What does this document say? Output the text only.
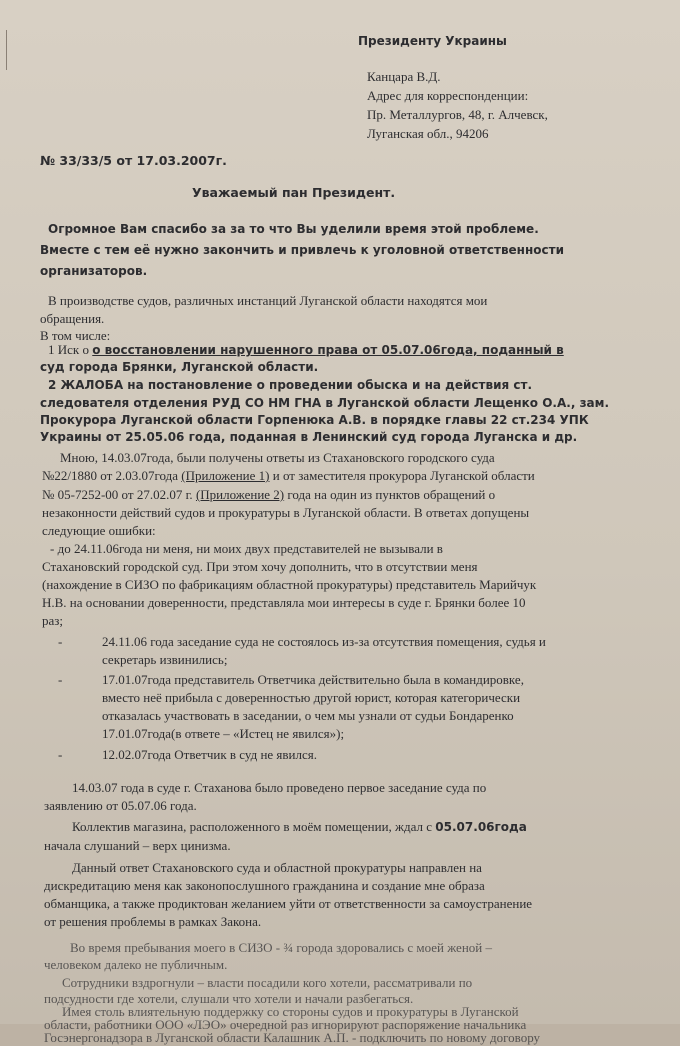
Президенту Украины
Канцара В.Д.
Адрес для корреспонденции:
Пр. Металлургов, 48, г. Алчевск,
Луганская обл., 94206
№ 33/33/5 от 17.03.2007г.
Уважаемый пан Президент.
Огромное Вам спасибо за за то что Вы уделили время этой проблеме.
Вместе с тем её нужно закончить и привлечь к уголовной ответственности
организаторов.
В производстве судов, различных инстанций Луганской области находятся мои
обращения.
В том числе:
1 Иск о о восстановлении нарушенного права от 05.07.06года, поданный в
суд города Брянки, Луганской области.
2 ЖАЛОБА на постановление о проведении обыска и на действия ст.
следователя отделения РУД СО НМ ГНА в Луганской области Лещенко О.А., зам.
Прокурора Луганской области Горпенюка А.В. в порядке главы 22 ст.234 УПК
Украины от 25.05.06 года, поданная в Ленинский суд города Луганска и др.
Мною, 14.03.07года, были получены ответы из Стахановского городского суда
№22/1880 от 2.03.07года (Приложение 1) и от заместителя прокурора Луганской области
№ 05-7252-00 от 27.02.07 г. (Приложение 2) года на один из пунктов обращений о
незаконности действий судов и прокуратуры в Луганской области. В ответах допущены
следующие ошибки:
- до 24.11.06года ни меня, ни моих двух представителей не вызывали в
Стахановский городской суд. При этом хочу дополнить, что в отсутствии меня
(нахождение в СИЗО по фабрикациям областной прокуратуры) представитель Марийчук
Н.В. на основании доверенности, представляла мои интересы в суде г. Брянки более 10
раз;
-	24.11.06 года заседание суда не состоялось из-за отсутствия помещения, судья и
секретарь извинились;
-	17.01.07года представитель Ответчика действительно была в командировке,
вместо неё прибыла с доверенностью другой юрист, которая категорически
отказалась участвовать в заседании, о чем мы узнали от судьи Бондаренко
17.01.07года(в ответе – «Истец не явился»);
-	12.02.07года Ответчик в суд не явился.
14.03.07 года в суде г. Стаханова было проведено первое заседание суда по
заявлению от 05.07.06 года.
Коллектив магазина, расположенного в моём помещении, ждал с 05.07.06года
начала слушаний – верх цинизма.
Данный ответ Стахановского суда и областной прокуратуры направлен на
дискредитацию меня как законопослушного гражданина и создание мне образа
обманщика, а также продиктован желанием уйти от ответственности за самоустранение
от решения проблемы в рамках Закона.
Во время пребывания моего в СИЗО - ¾ города здоровались с моей женой –
человеком далеко не публичным.
Сотрудники вздрогнули – власти посадили кого хотели, рассматривали по
подсудности где хотели, слушали что хотели и начали разбегаться.
Имея столь влиятельную поддержку со стороны судов и прокуратуры в Луганской
области, работники ООО «ЛЭО» очередной раз игнорируют распоряжение начальника
Госэнергонадзора в Луганской области Калашник А.П. - подключить по новому договору
